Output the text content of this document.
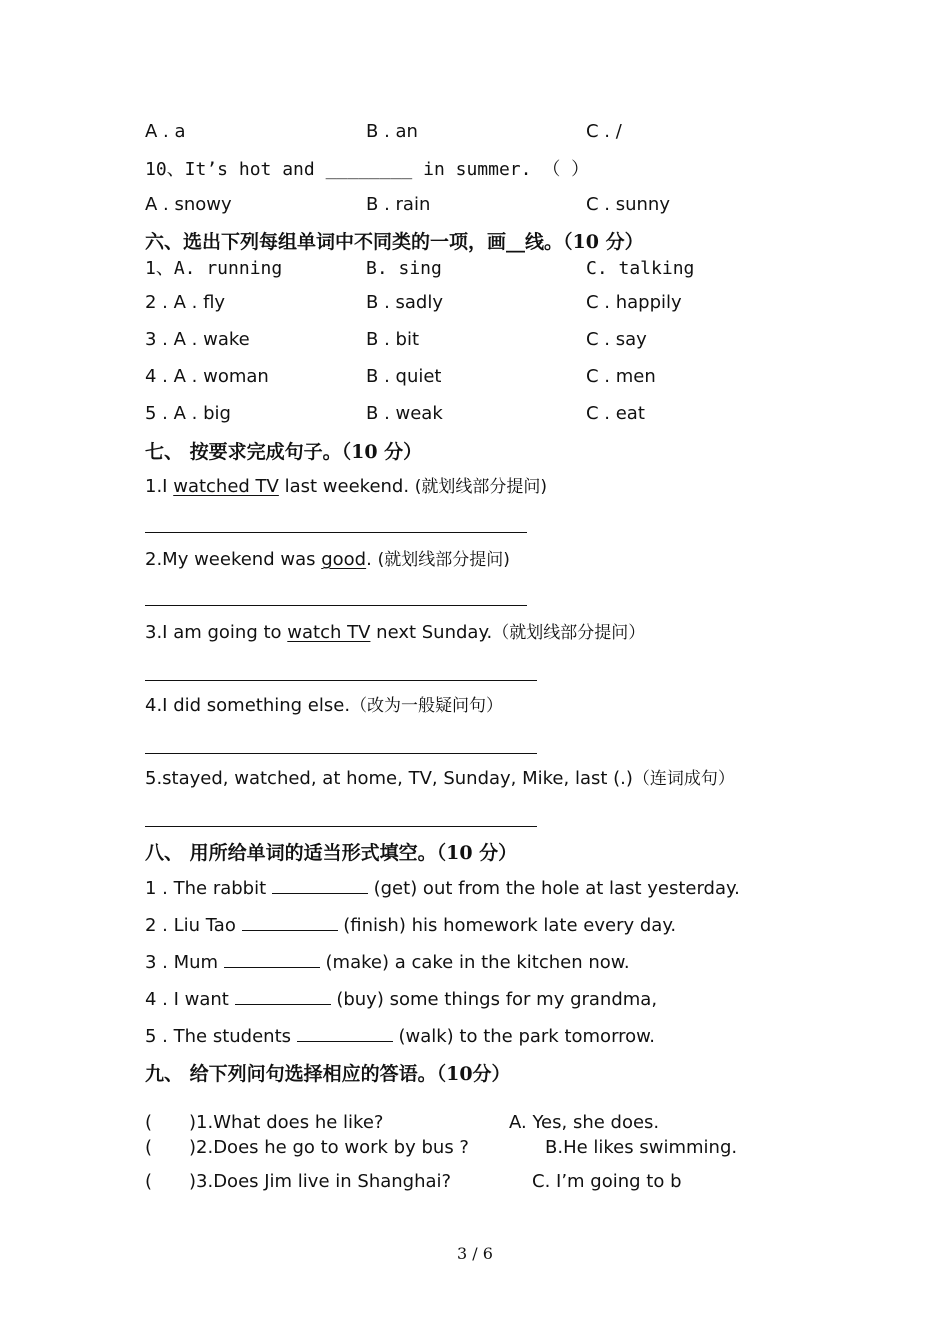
A . a	B . an	C . /
10、It’s hot and ________ in summer. （ ）
A . snowy	B . rain	C . sunny
六、选出下列每组单词中不同类的一项，画__线。（10 分）
1、A. running	B. sing	C. talking
2 . A . fly	B . sadly	C . happily
3 . A . wake	B . bit	C . say
4 . A . woman	B . quiet	C . men
5 . A . big	B . weak	C . eat
七、 按要求完成句子。（10 分）
1.I watched TV last weekend. (就划线部分提问)
2.My weekend was good. (就划线部分提问)
3.I am going to watch TV next Sunday.（就划线部分提问）
4.I did something else.（改为一般疑问句）
5.stayed, watched, at home, TV, Sunday, Mike, last (.)（连词成句）
八、 用所给单词的适当形式填空。（10 分）
1 . The rabbit	(get) out from the hole at last yesterday.
2 . Liu Tao	(finish) his homework late every day.
3 . Mum	(make) a cake in the kitchen now.
4 . I want	(buy) some things for my grandma,
5 . The students	(walk) to the park tomorrow.
九、 给下列问句选择相应的答语。（10分）
( )1.What does he like?	A. Yes, she does.
( )2.Does he go to work by bus ?	B.He likes swimming.
( )3.Does Jim live in Shanghai?	C. I’m going to b
3 / 6
